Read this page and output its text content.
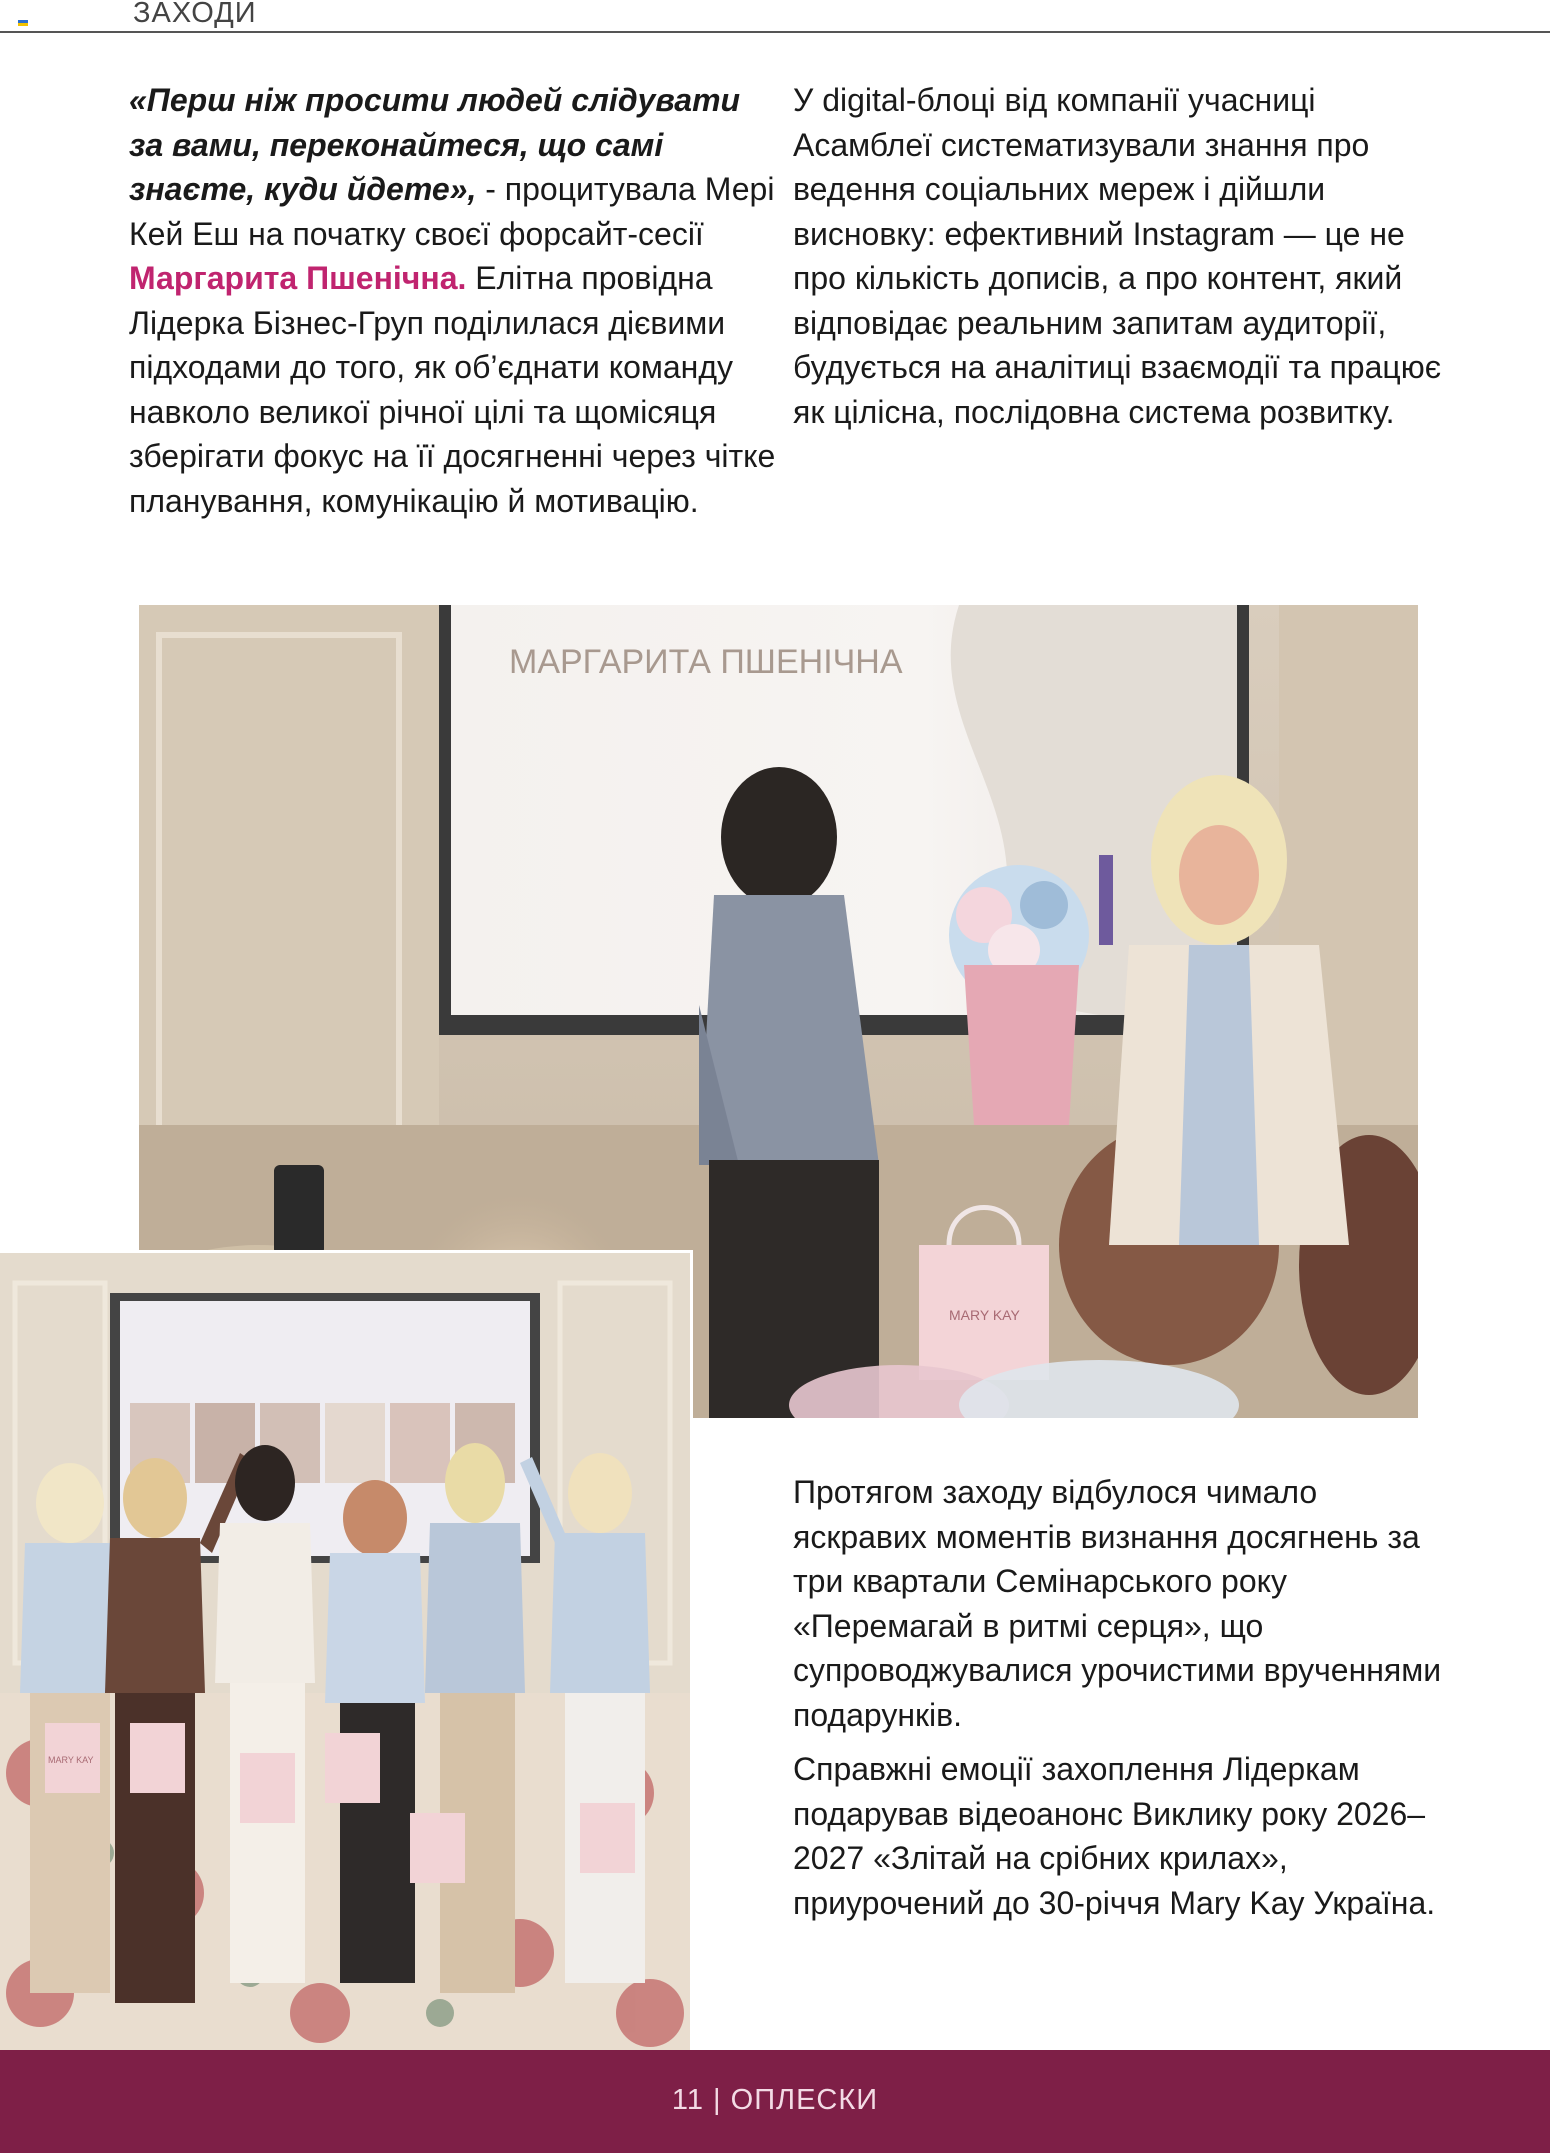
ЗАХОДИ

«Перш ніж просити людей слідувати за вами, переконайтеся, що самі знаєте, куди йдете», - процитувала Мері Кей Еш на початку своєї форсайт-сесії Маргарита Пшенічна. Елітна провідна Лідерка Бізнес-Груп поділилася дієвими підходами до того, як об’єднати команду навколо великої річної цілі та щомісяця зберігати фокус на її досягненні через чітке планування, комунікацію й мотивацію.

У digital-блоці від компанії учасниці Асамблеї систематизували знання про ведення соціальних мереж і дійшли висновку: ефективний Instagram — це не про кількість дописів, а про контент, який відповідає реальним запитам аудиторії, будується на аналітиці взаємодії та працює як цілісна, послідовна система розвитку.

МАРГАРИТА ПШЕНІЧНА
MARY KAY
MARY KAY

Протягом заходу відбулося чимало яскравих моментів визнання досягнень за три квартали Семінарського року «Перемагай в ритмі серця», що супроводжувалися урочистими врученнями подарунків.

Справжні емоції захоплення Лідеркам подарував відеоанонс Виклику року 2026–2027 «Злітай на срібних крилах», приурочений до 30-річчя Mary Kay Україна.

11 | ОПЛЕСКИ
